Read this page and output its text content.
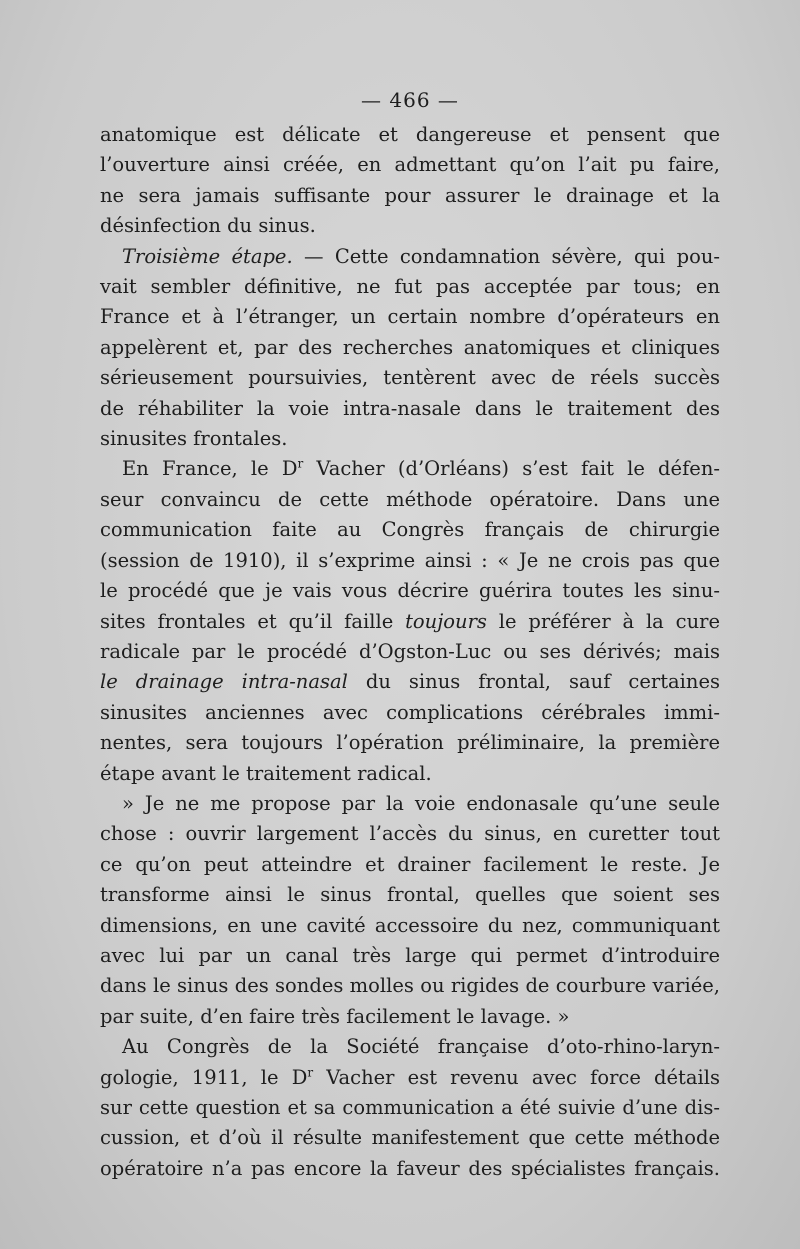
— 466 —

anatomique est délicate et dangereuse et pensent que

l’ouverture ainsi créée, en admettant qu’on l’ait pu faire,

ne sera jamais suffisante pour assurer le drainage et la

désinfection du sinus.

Troisième étape. — Cette condamnation sévère, qui pou-

vait sembler définitive, ne fut pas acceptée par tous; en

France et à l’étranger, un certain nombre d’opérateurs en

appelèrent et, par des recherches anatomiques et cliniques

sérieusement poursuivies, tentèrent avec de réels succès

de réhabiliter la voie intra-nasale dans le traitement des

sinusites frontales.

En France, le $D^r$ Vacher (d’Orléans) s’est fait le défen-

seur convaincu de cette méthode opératoire. Dans une

communication faite au Congrès français de chirurgie

(session de 1910), il s’exprime ainsi : « Je ne crois pas que

le procédé que je vais vous décrire guérira toutes les sinu-

sites frontales et qu’il faille toujours le préférer à la cure

radicale par le procédé d’Ogston-Luc ou ses dérivés; mais

le drainage intra-nasal du sinus frontal, sauf certaines

sinusites anciennes avec complications cérébrales immi-

nentes, sera toujours l’opération préliminaire, la première

étape avant le traitement radical.

» Je ne me propose par la voie endonasale qu’une seule

chose : ouvrir largement l’accès du sinus, en curetter tout

ce qu’on peut atteindre et drainer facilement le reste. Je

transforme ainsi le sinus frontal, quelles que soient ses

dimensions, en une cavité accessoire du nez, communiquant

avec lui par un canal très large qui permet d’introduire

dans le sinus des sondes molles ou rigides de courbure variée,

par suite, d’en faire très facilement le lavage. »

Au Congrès de la Société française d’oto-rhino-laryn-

gologie, 1911, le $D^r$ Vacher est revenu avec force détails

sur cette question et sa communication a été suivie d’une dis-

cussion, et d’où il résulte manifestement que cette méthode

opératoire n’a pas encore la faveur des spécialistes français.
